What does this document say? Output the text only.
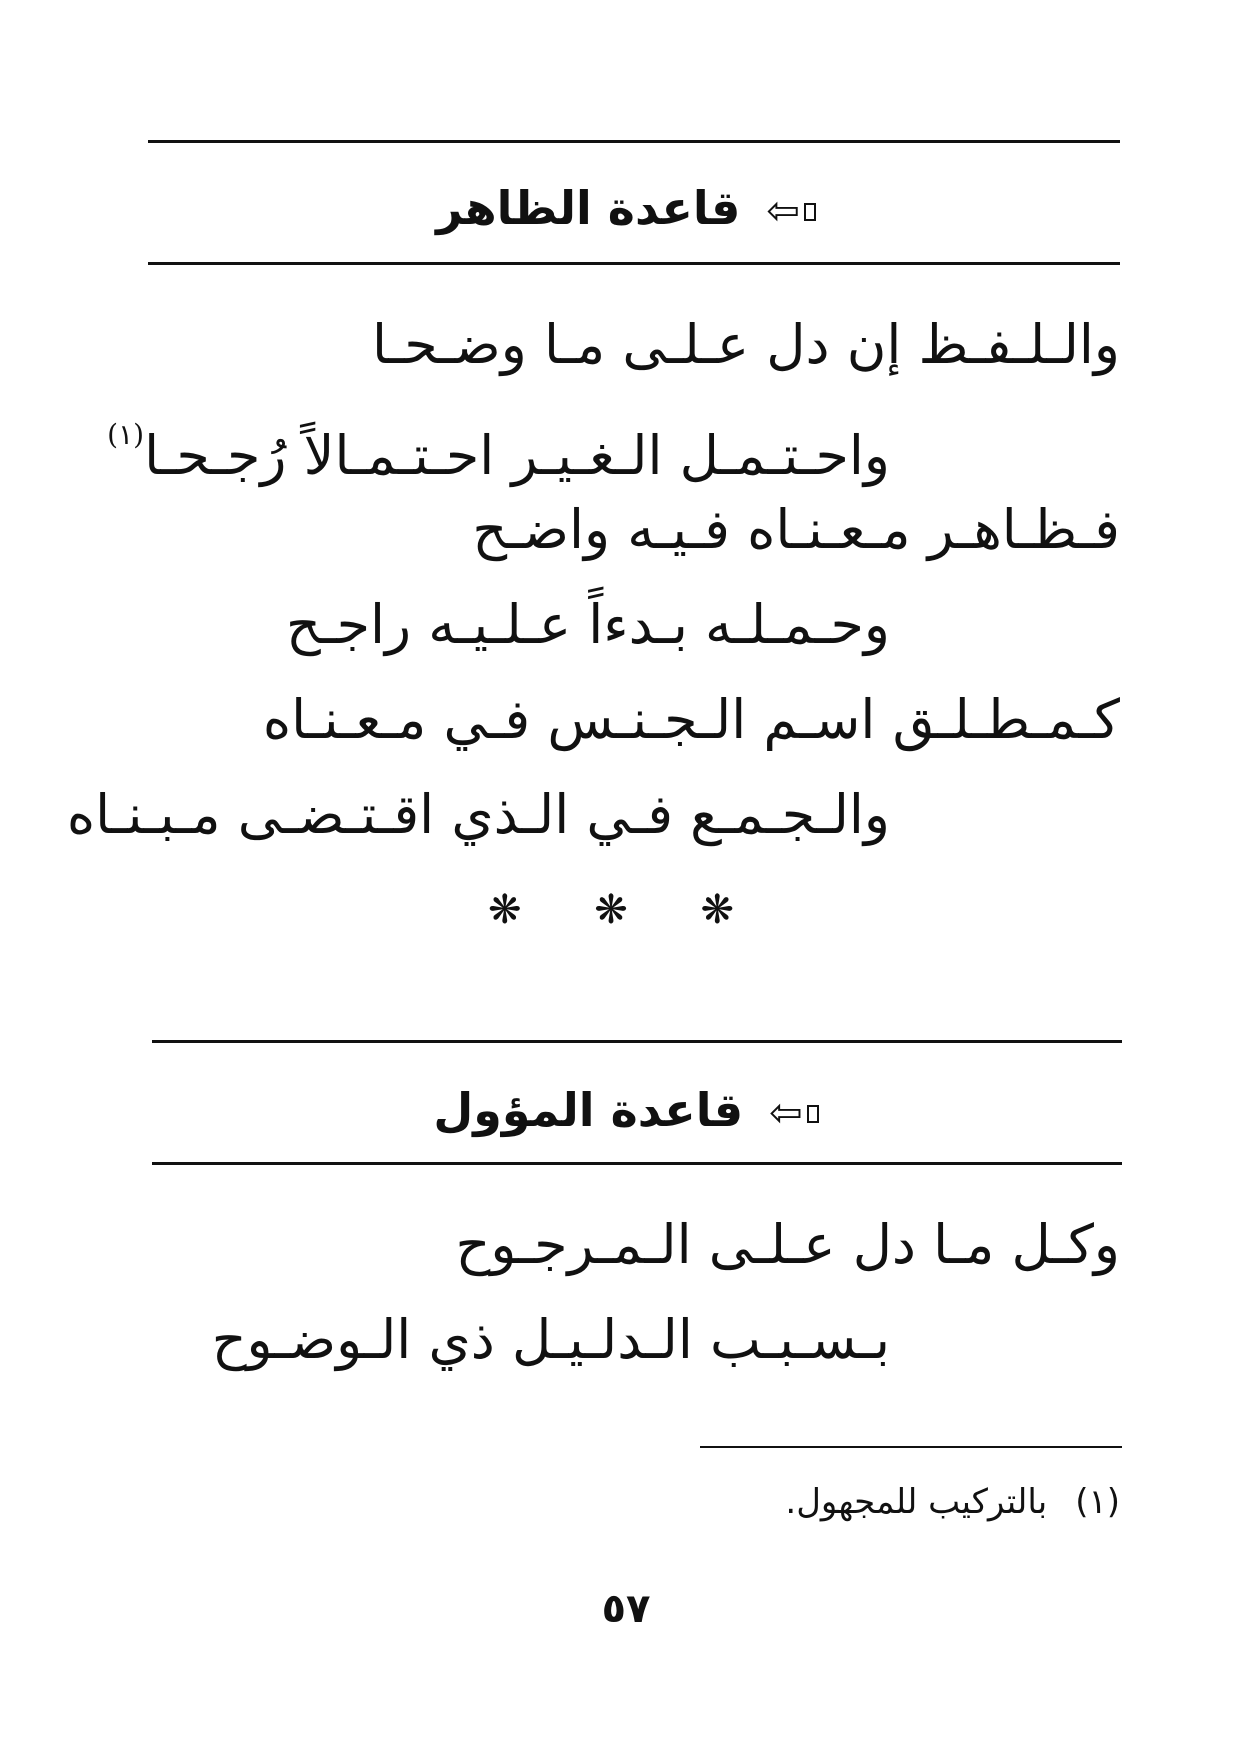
⇦قاعدة الظاهر
والـلـفـظ إن دل عـلـى مـا وضـحـا
واحـتـمـل الـغـيـر احـتـمـالاً رُجـحـا$^{(١)}$
فـظـاهـر مـعـنـاه فـيـه واضـح
وحـمـلـه بـدءاً عـلـيـه راجـح
كـمـطـلـق اسـم الـجـنـس فـي مـعـنـاه
والـجـمـع فـي الـذي اقـتـضـى مـبـنـاه
❋ ❋ ❋
⇦قاعدة المؤول
وكـل مـا دل عـلـى الـمـرجـوح
بـسـبـب الـدلـيـل ذي الـوضـوح
(١)بالتركيب للمجهول.
٥٧
